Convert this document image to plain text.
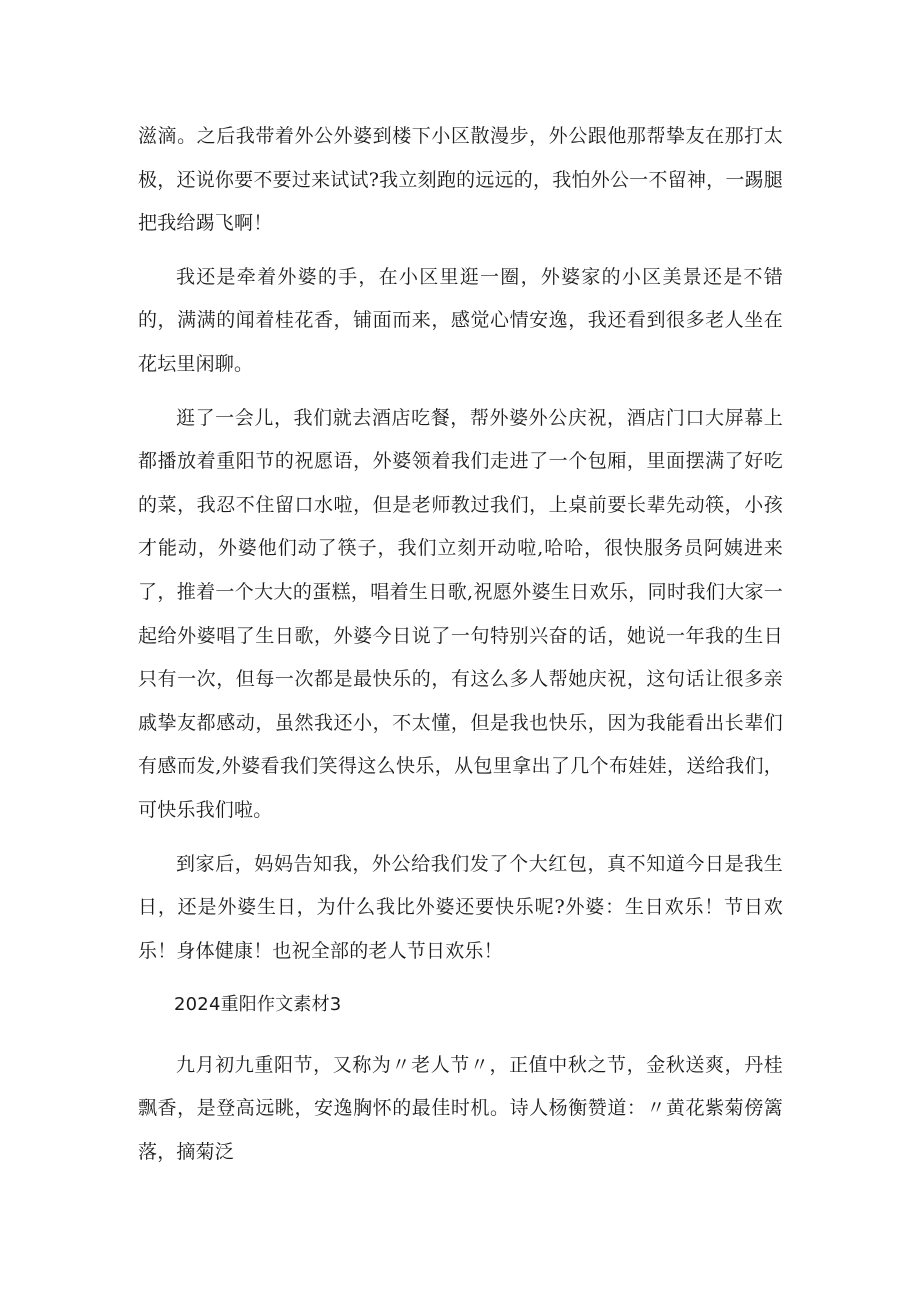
滋滴。之后我带着外公外婆到楼下小区散漫步，外公跟他那帮挚友在那打太极，还说你要不要过来试试?我立刻跑的远远的，我怕外公一不留神，一踢腿把我给踢飞啊！

我还是牵着外婆的手，在小区里逛一圈，外婆家的小区美景还是不错的，满满的闻着桂花香，铺面而来，感觉心情安逸，我还看到很多老人坐在花坛里闲聊。

逛了一会儿，我们就去酒店吃餐，帮外婆外公庆祝，酒店门口大屏幕上都播放着重阳节的祝愿语，外婆领着我们走进了一个包厢，里面摆满了好吃的菜，我忍不住留口水啦，但是老师教过我们，上桌前要长辈先动筷，小孩才能动，外婆他们动了筷子，我们立刻开动啦,哈哈，很快服务员阿姨进来了，推着一个大大的蛋糕，唱着生日歌,祝愿外婆生日欢乐，同时我们大家一起给外婆唱了生日歌，外婆今日说了一句特别兴奋的话，她说一年我的生日只有一次，但每一次都是最快乐的，有这么多人帮她庆祝，这句话让很多亲戚挚友都感动，虽然我还小，不太懂，但是我也快乐，因为我能看出长辈们有感而发,外婆看我们笑得这么快乐，从包里拿出了几个布娃娃，送给我们，可快乐我们啦。

到家后，妈妈告知我，外公给我们发了个大红包，真不知道今日是我生日，还是外婆生日，为什么我比外婆还要快乐呢?外婆：生日欢乐！节日欢乐！身体健康！也祝全部的老人节日欢乐！

2024重阳作文素材3

九月初九重阳节，又称为〃老人节〃，正值中秋之节，金秋送爽，丹桂飘香，是登高远眺，安逸胸怀的最佳时机。诗人杨衡赞道：〃黄花紫菊傍篱落，摘菊泛
